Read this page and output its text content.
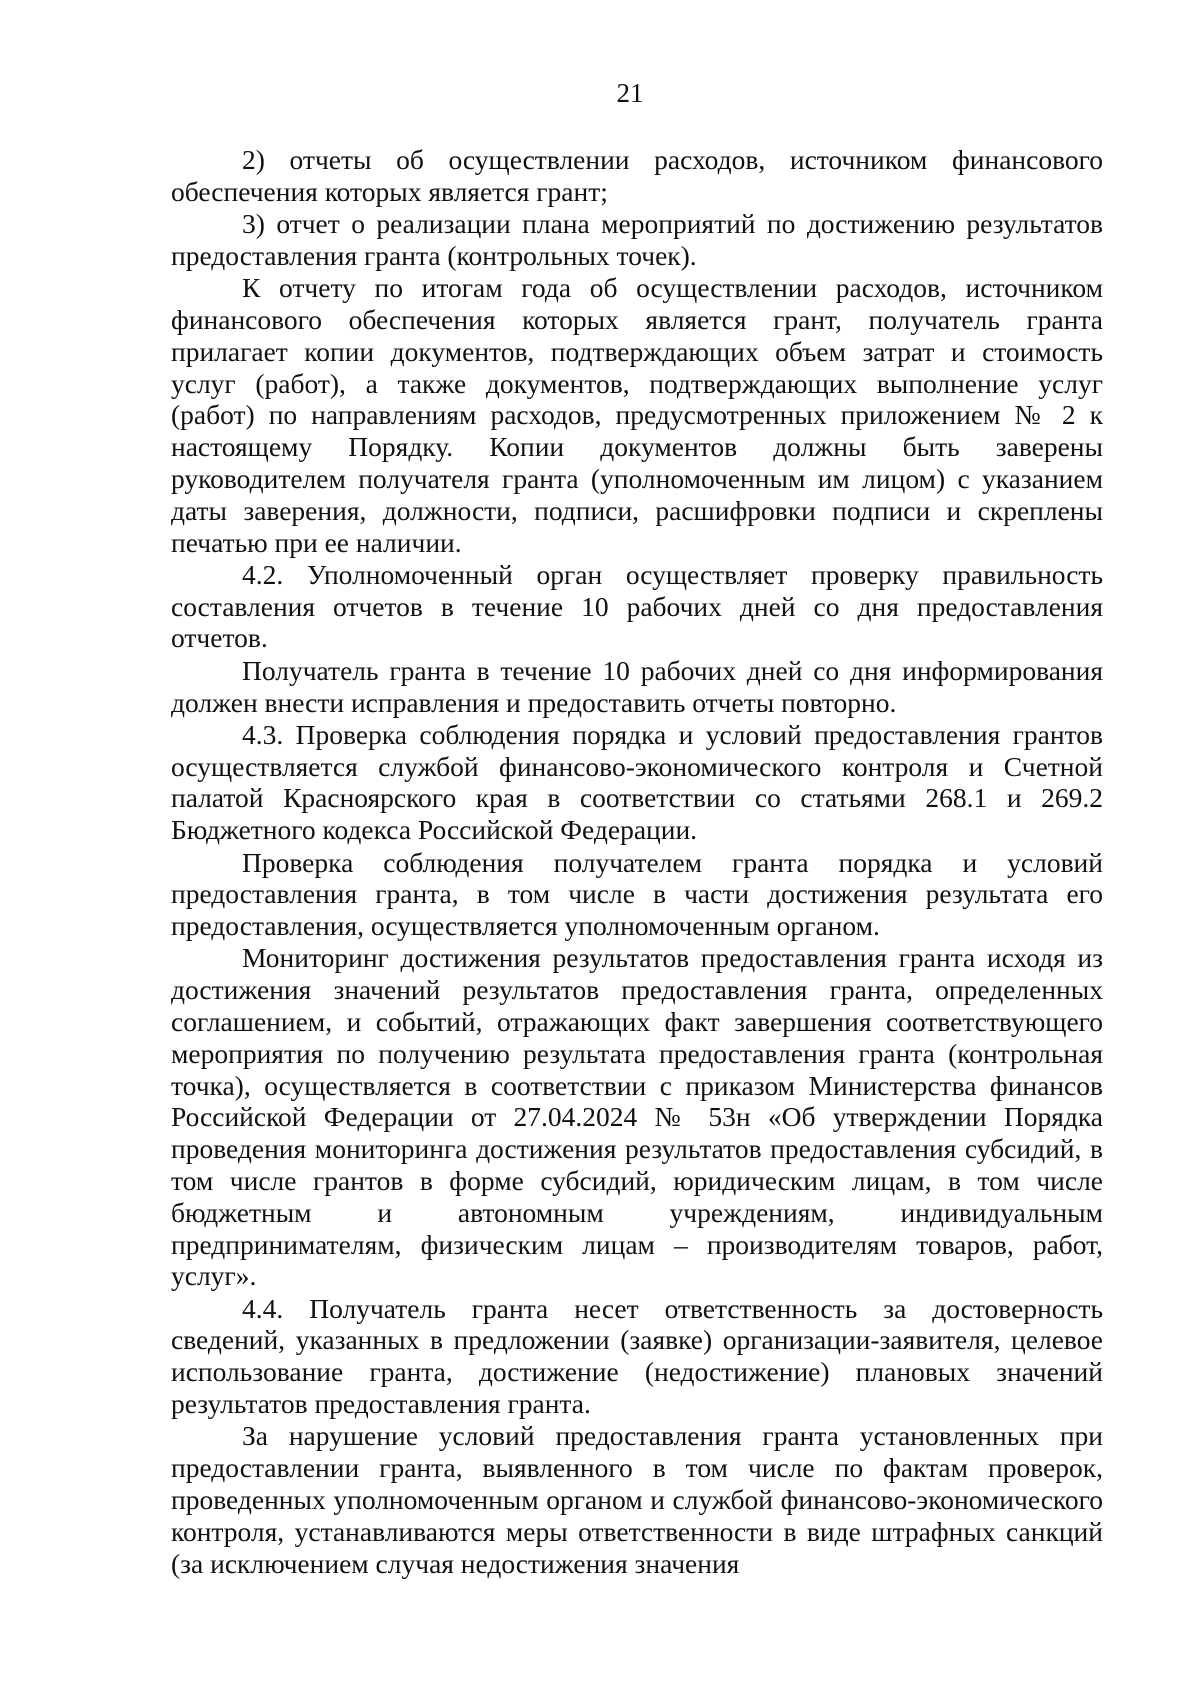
21

2) отчеты об осуществлении расходов, источником финансового обеспечения которых является грант;

3) отчет о реализации плана мероприятий по достижению результатов предоставления гранта (контрольных точек).

К отчету по итогам года об осуществлении расходов, источником финансового обеспечения которых является грант, получатель гранта прилагает копии документов, подтверждающих объем затрат и стоимость услуг (работ), а также документов, подтверждающих выполнение услуг (работ) по направлениям расходов, предусмотренных приложением № 2 к настоящему Порядку. Копии документов должны быть заверены руководителем получателя гранта (уполномоченным им лицом) с указанием даты заверения, должности, подписи, расшифровки подписи и скреплены печатью при ее наличии.

4.2. Уполномоченный орган осуществляет проверку правильность составления отчетов в течение 10 рабочих дней со дня предоставления отчетов.

Получатель гранта в течение 10 рабочих дней со дня информирования должен внести исправления и предоставить отчеты повторно.

4.3. Проверка соблюдения порядка и условий предоставления грантов осуществляется службой финансово-экономического контроля и Счетной палатой Красноярского края в соответствии со статьями 268.1 и 269.2 Бюджетного кодекса Российской Федерации.

Проверка соблюдения получателем гранта порядка и условий предоставления гранта, в том числе в части достижения результата его предоставления, осуществляется уполномоченным органом.

Мониторинг достижения результатов предоставления гранта исходя из достижения значений результатов предоставления гранта, определенных соглашением, и событий, отражающих факт завершения соответствующего мероприятия по получению результата предоставления гранта (контрольная точка), осуществляется в соответствии с приказом Министерства финансов Российской Федерации от 27.04.2024 № 53н «Об утверждении Порядка проведения мониторинга достижения результатов предоставления субсидий, в том числе грантов в форме субсидий, юридическим лицам, в том числе бюджетным и автономным учреждениям, индивидуальным предпринимателям, физическим лицам – производителям товаров, работ, услуг».

4.4. Получатель гранта несет ответственность за достоверность сведений, указанных в предложении (заявке) организации-заявителя, целевое использование гранта, достижение (недостижение) плановых значений результатов предоставления гранта.

За нарушение условий предоставления гранта установленных при предоставлении гранта, выявленного в том числе по фактам проверок, проведенных уполномоченным органом и службой финансово-экономического контроля, устанавливаются меры ответственности в виде штрафных санкций (за исключением случая недостижения значения
